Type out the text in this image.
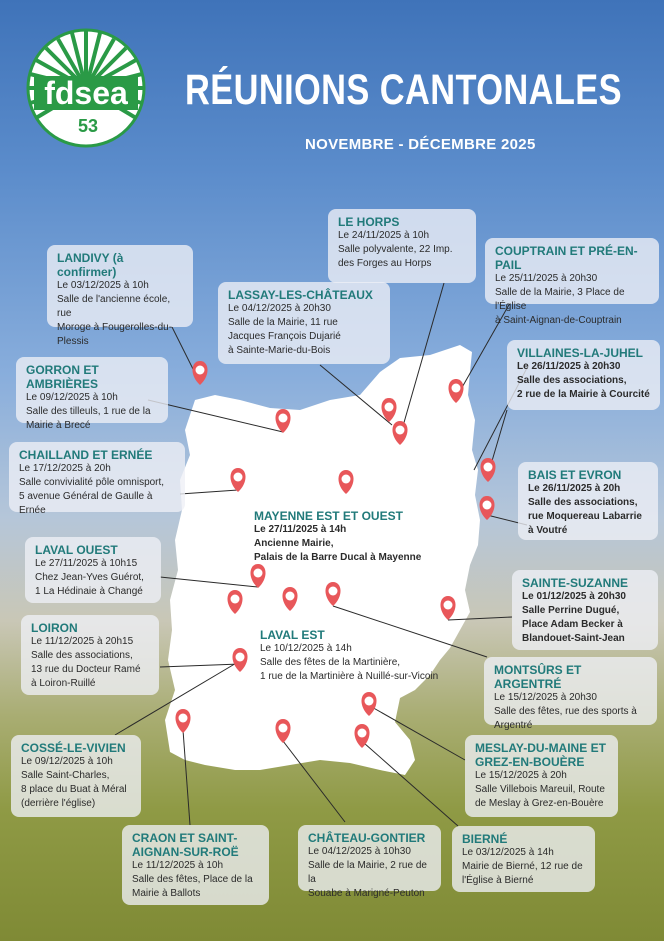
fdsea
53
RÉUNIONS CANTONALES
NOVEMBRE - DÉCEMBRE 2025
LANDIVY (à confirmer)
Le 03/12/2025 à 10h
Salle de l'ancienne école, rue
Moroge à Fougerolles-du-
Plessis
LE HORPS
Le 24/11/2025 à 10h
Salle polyvalente, 22 Imp.
des Forges au Horps
COUPTRAIN ET PRÉ-EN-PAIL
Le 25/11/2025 à 20h30
Salle de la Mairie, 3 Place de l'Église
à Saint-Aignan-de-Couptrain
LASSAY-LES-CHÂTEAUX
Le 04/12/2025 à 20h30
Salle de la Mairie, 11 rue
Jacques François Dujarié
à Sainte-Marie-du-Bois	VILLAINES-LA-JUHEL
Le 26/11/2025 à 20h30
Salle des associations,
2 rue de la Mairie à Courcité
GORRON ET AMBRIÈRES
Le 09/12/2025 à 10h
Salle des tilleuls, 1 rue de la
Mairie à Brecé
CHAILLAND ET ERNÉE
Le 17/12/2025 à 20h
Salle convivialité pôle omnisport,
5 avenue Général de Gaulle à Ernée
BAIS ET EVRON
Le 26/11/2025 à 20h
Salle des associations,
rue Moquereau Labarrie
à Voutré
MAYENNE EST ET OUEST
Le 27/11/2025 à 14h
Ancienne Mairie,
Palais de la Barre Ducal à Mayenne
LAVAL OUEST
Le 27/11/2025 à 10h15
Chez Jean-Yves Guérot,
1 La Hédinaie à Changé
SAINTE-SUZANNE
Le 01/12/2025 à 20h30
Salle Perrine Dugué,
Place Adam Becker à
Blandouet-Saint-Jean
LOIRON
Le 11/12/2025 à 20h15
Salle des associations,
13 rue du Docteur Ramé
à Loiron-Ruillé
LAVAL EST
Le 10/12/2025 à 14h
Salle des fêtes de la Martinière,
1 rue de la Martinière à Nuillé-sur-Vicoin	MONTSÛRS ET ARGENTRÉ
Le 15/12/2025 à 20h30
Salle des fêtes, rue des sports à
Argentré
COSSÉ-LE-VIVIEN
Le 09/12/2025 à 10h
Salle Saint-Charles,
8 place du Buat à Méral
(derrière l'église)
MESLAY-DU-MAINE ET
GREZ-EN-BOUÈRE
Le 15/12/2025 à 20h
Salle Villebois Mareuil, Route
de Meslay à Grez-en-Bouère
CRAON ET SAINT-
AIGNAN-SUR-ROË
Le 11/12/2025 à 10h
Salle des fêtes, Place de la
Mairie à Ballots
CHÂTEAU-GONTIER
Le 04/12/2025 à 10h30
Salle de la Mairie, 2 rue de la
Souabe à Marigné-Peuton
BIERNÉ
Le 03/12/2025 à 14h
Mairie de Bierné, 12 rue de
l'Église à Bierné
